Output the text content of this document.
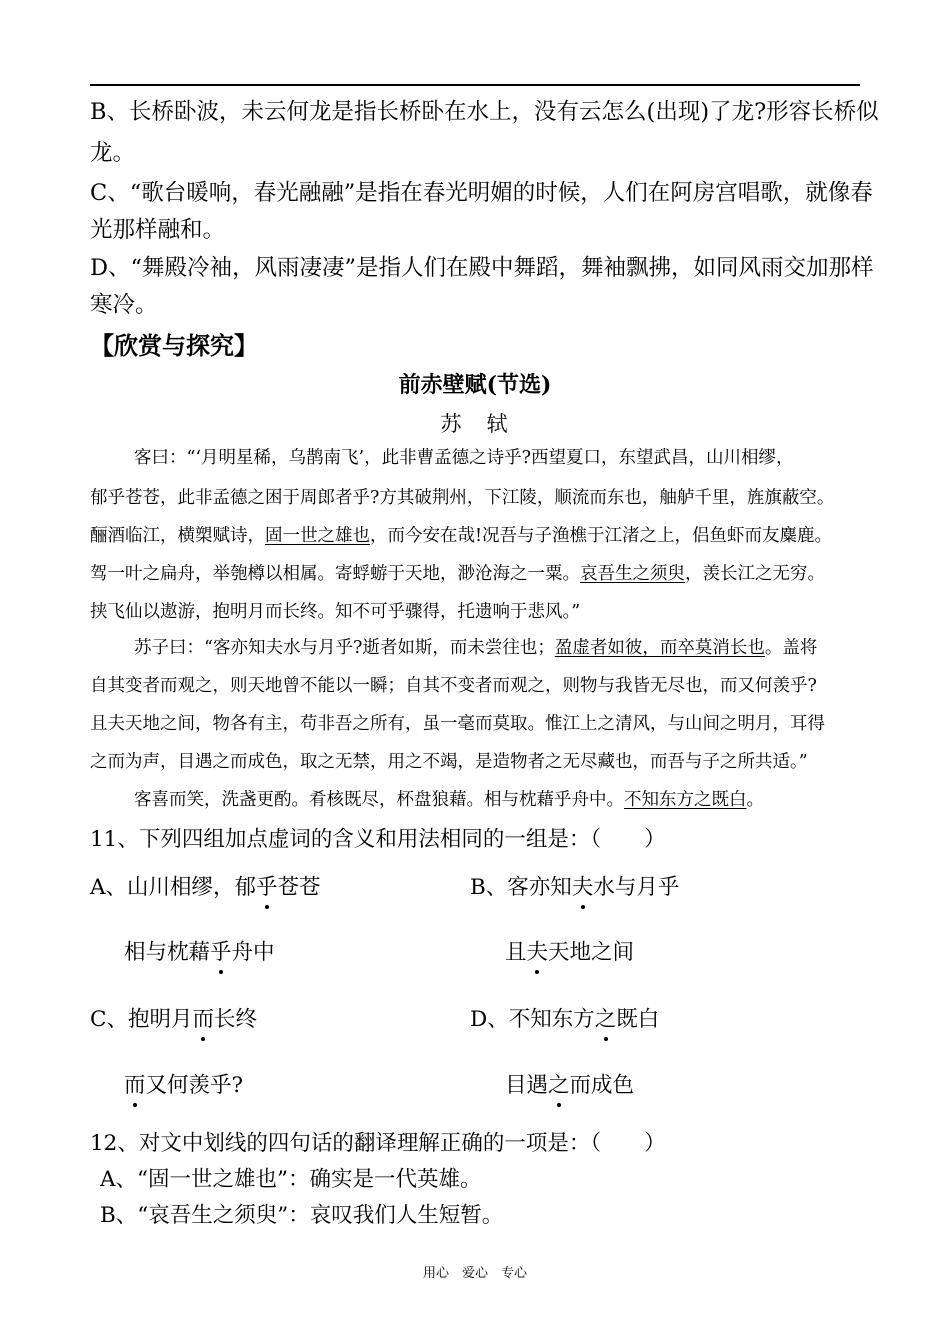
B、长桥卧波，未云何龙是指长桥卧在水上，没有云怎么(出现)了龙?形容长桥似
龙。
C、“歌台暖响，春光融融”是指在春光明媚的时候，人们在阿房宫唱歌，就像春
光那样融和。
D、“舞殿冷袖，风雨凄凄”是指人们在殿中舞蹈，舞袖飘拂，如同风雨交加那样
寒冷。
【欣赏与探究】
前赤壁赋(节选)
苏　轼
客曰：“‘月明星稀，乌鹊南飞’，此非曹孟德之诗乎?西望夏口，东望武昌，山川相缪，
郁乎苍苍，此非孟德之困于周郎者乎?方其破荆州，下江陵，顺流而东也，舳舻千里，旌旗蔽空。
酾酒临江，横槊赋诗，固一世之雄也，而今安在哉!况吾与子渔樵于江渚之上，侣鱼虾而友麋鹿。
驾一叶之扁舟，举匏樽以相属。寄蜉蝣于天地，渺沧海之一粟。哀吾生之须臾，羡长江之无穷。
挟飞仙以遨游，抱明月而长终。知不可乎骤得，托遗响于悲风。”
苏子曰：“客亦知夫水与月乎?逝者如斯，而未尝往也；盈虚者如彼，而卒莫消长也。盖将
自其变者而观之，则天地曾不能以一瞬；自其不变者而观之，则物与我皆无尽也，而又何羡乎?
且夫天地之间，物各有主，苟非吾之所有，虽一毫而莫取。惟江上之清风，与山间之明月，耳得
之而为声，目遇之而成色，取之无禁，用之不竭，是造物者之无尽藏也，而吾与子之所共适。”
客喜而笑，洗盏更酌。肴核既尽，杯盘狼藉。相与枕藉乎舟中。不知东方之既白。
11、下列四组加点虚词的含义和用法相同的一组是：（　　）
A、山川相缪，郁乎苍苍	B、客亦知夫水与月乎
相与枕藉乎舟中	且夫天地之间
C、抱明月而长终	D、不知东方之既白
而又何羡乎?	目遇之而成色
12、对文中划线的四句话的翻译理解正确的一项是：（　　）
A、“固一世之雄也”：确实是一代英雄。
B、“哀吾生之须臾”：哀叹我们人生短暂。
用心　爱心　专心
